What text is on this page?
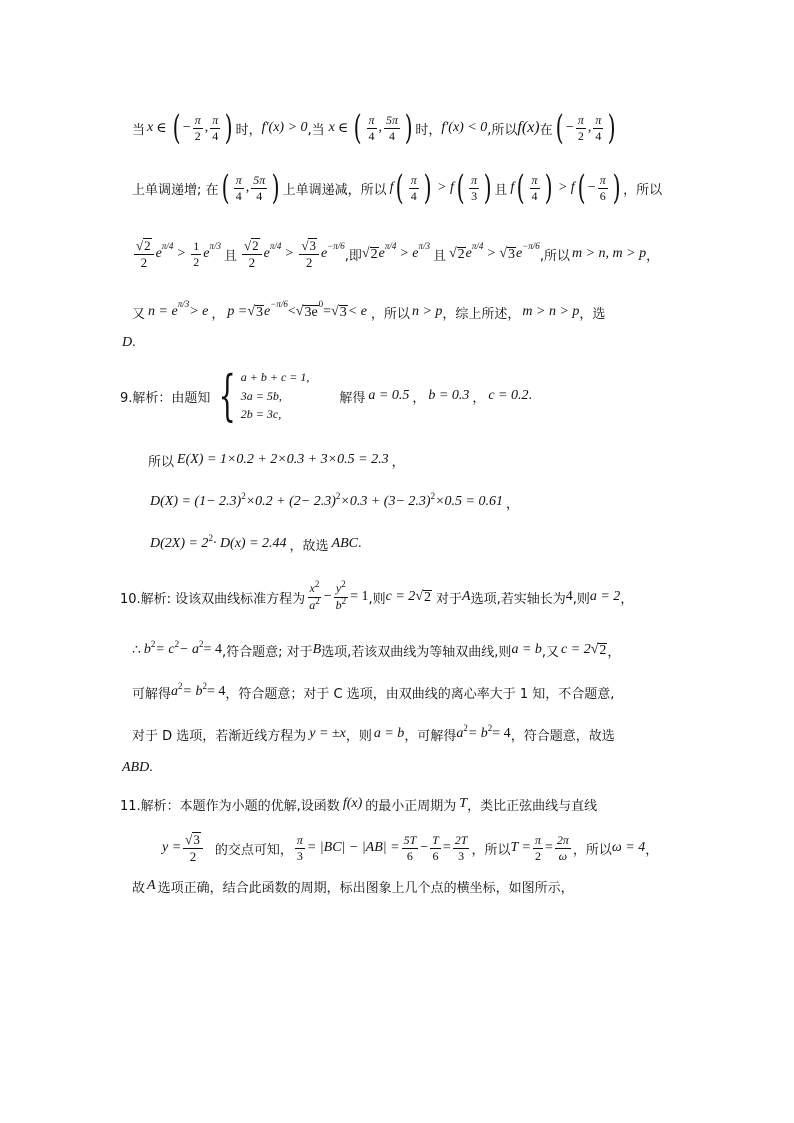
当 x ∈ ( − $\frac{\pi}{2}$ , $\frac{\pi}{4}$ ) 时， f′(x) > 0 ,当 x ∈ ( $\frac{\pi}{4}$ , $\frac{5\pi}{4}$ ) 时， f′(x) < 0 ,所以 f(x) 在 ( − $\frac{\pi}{2}$ , $\frac{\pi}{4}$ )
上单调递增; 在 ( $\frac{\pi}{4}$ , $\frac{5\pi}{4}$ ) 上单调递减，所以 f ( $\frac{\pi}{4}$ ) > f ( $\frac{\pi}{3}$ ) 且 f ( $\frac{\pi}{4}$ ) > f ( − $\frac{\pi}{6}$ ) ，所以
$\frac{√ 2}{2}$ e $\pi/4 > \frac{1}{2}$ e π/3
且 $\frac{√ 2}{2}$ e $\pi/4 > \frac{√ 3}{2}$ e −π/6
,即 √ 2 e π/4 > e π/3
且 √ 2 e π/4 > √ 3 e −π/6
,所以 m > n, m > p ，
又 n = e π/3 > e ， p = √ 3 e −π/6 < √ 3e
0 = √ 3 < e ，所以 n > p ，综上所述， m > n > p ，选
D .
9.解析：由题知 { a + b + c = 1,
3a = 5b,
2b = 3c,
解得 a = 0.5 ， b = 0.3 ， c = 0.2 .
所以 E(X) = 1×0.2 + 2×0.3 + 3×0.5 = 2.3 ，
D(X) = (1− 2.3) 2 ×0.2 + (2− 2.3) 2 ×0.3 + (3− 2.3) 2 ×0.5 = 0.61 ，
D(2X) = 2 2 · D(x) = 2.44 ，故选 ABC .
10.解析: 设该双曲线标准方程为 $\frac{x^2}{a^2} - \frac{y^2}{b^2} = 1$ ,则 c = 2 √ 2 对于 A 选项,若实轴长为 4 ,则 a = 2 ，
∴ b 2 = c 2 − a 2 = 4 ,符合题意; 对于 B 选项,若该双曲线为等轴双曲线,则 a = b ,又 c = 2 √ 2 ，
可解得 a 2 = b 2 = 4 ，符合题意；对于 C 选项，由双曲线的离心率大于 1 知，不合题意,
对于 D 选项，若渐近线方程为 y = ±x ，则 a = b ，可解得 a 2 = b 2 = 4 ，符合题意，故选
ABD .
11.解析：本题作为小题的优解,设函数 f(x) 的最小正周期为 T ，类比正弦曲线与直线
$y = \frac{√ 3}{2}$ 的交点可知， $\frac{\pi}{3} = |BC| - |AB| = \frac{5T}{6} - \frac{T}{6} = \frac{2T}{3}$ ，所以 $T = \frac{\pi}{2} = \frac{2\pi}{\omega}$ ，所以 ω = 4 ，
故 A 选项正确，结合此函数的周期，标出图象上几个点的横坐标，如图所示，
